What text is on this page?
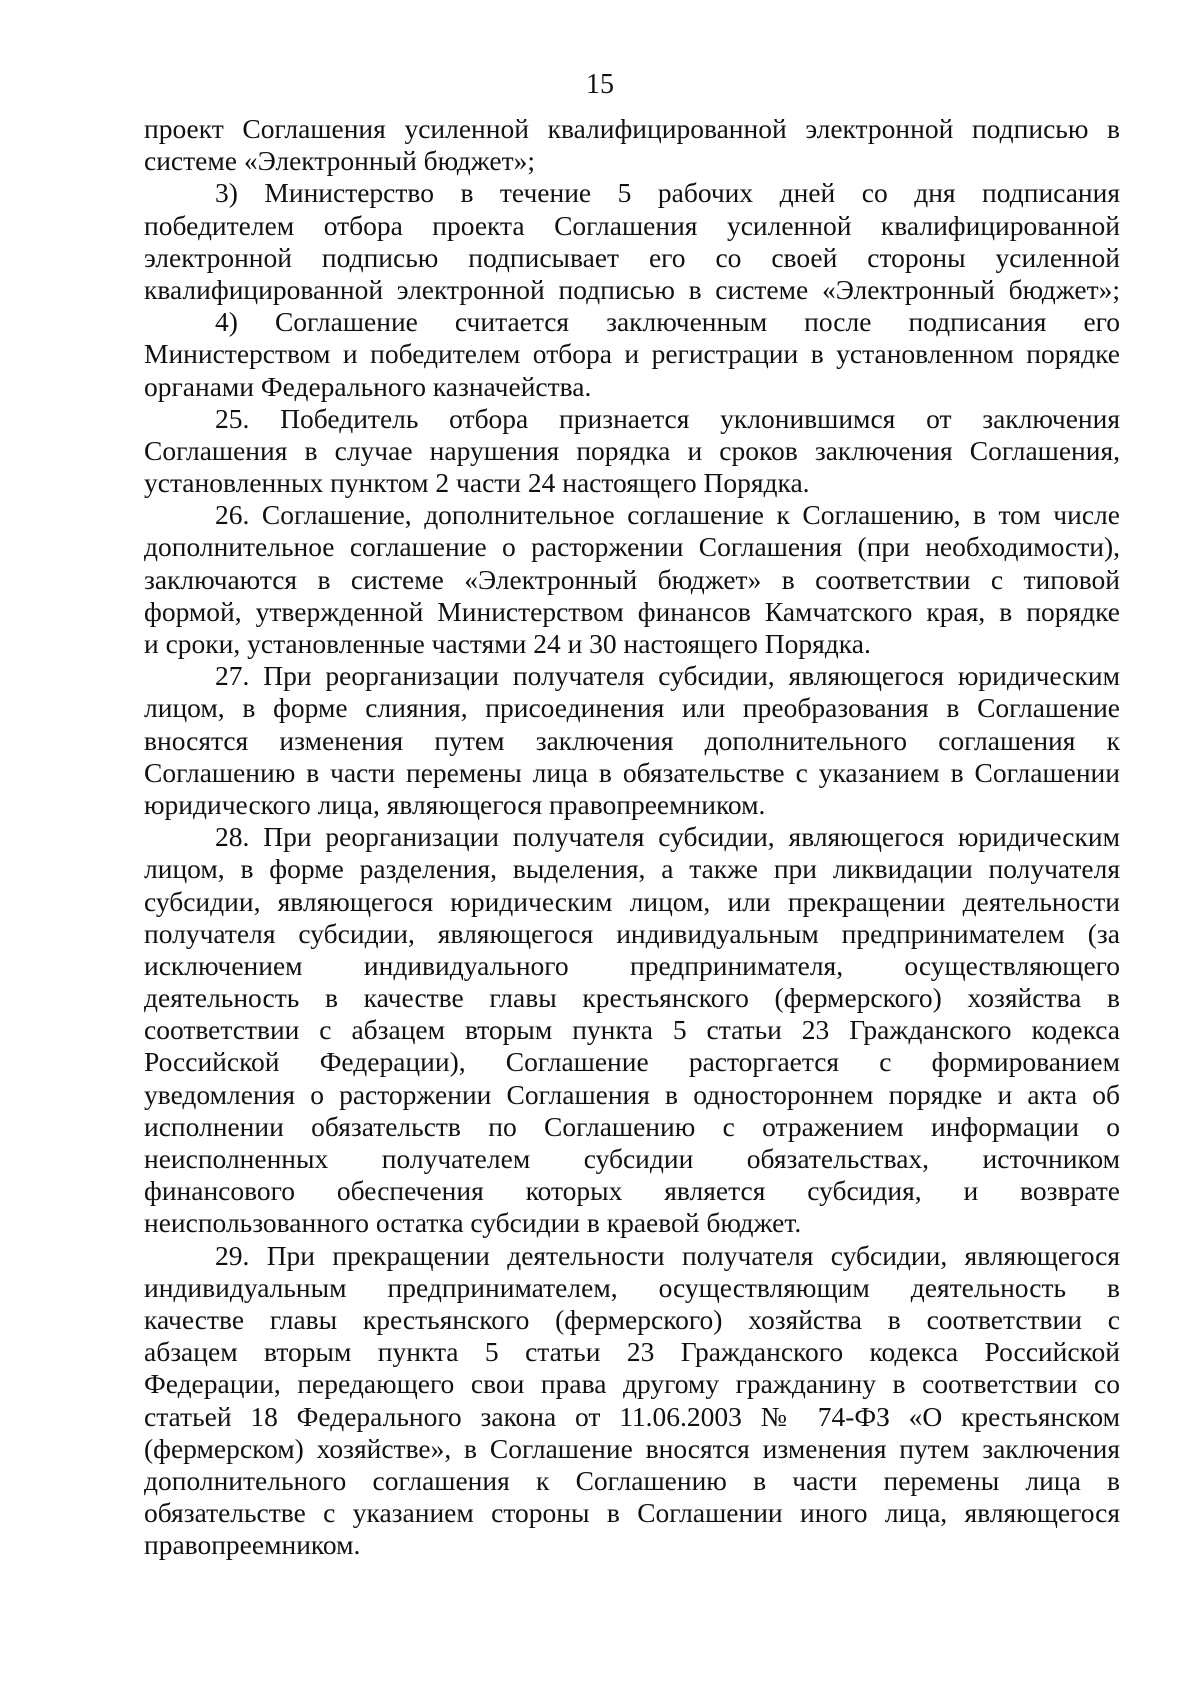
15
проект Соглашения усиленной квалифицированной электронной подписью в
системе «Электронный бюджет»;
3) Министерство в течение 5 рабочих дней со дня подписания
победителем отбора проекта Соглашения усиленной квалифицированной
электронной подписью подписывает его со своей стороны усиленной
квалифицированной электронной подписью в системе «Электронный бюджет»;
4) Соглашение считается заключенным после подписания его
Министерством и победителем отбора и регистрации в установленном порядке
органами Федерального казначейства.
25. Победитель отбора признается уклонившимся от заключения
Соглашения в случае нарушения порядка и сроков заключения Соглашения,
установленных пунктом 2 части 24 настоящего Порядка.
26. Соглашение, дополнительное соглашение к Соглашению, в том числе
дополнительное соглашение о расторжении Соглашения (при необходимости),
заключаются в системе «Электронный бюджет» в соответствии с типовой
формой, утвержденной Министерством финансов Камчатского края, в порядке
и сроки, установленные частями 24 и 30 настоящего Порядка.
27. При реорганизации получателя субсидии, являющегося юридическим
лицом, в форме слияния, присоединения или преобразования в Соглашение
вносятся изменения путем заключения дополнительного соглашения к
Соглашению в части перемены лица в обязательстве с указанием в Соглашении
юридического лица, являющегося правопреемником.
28. При реорганизации получателя субсидии, являющегося юридическим
лицом, в форме разделения, выделения, а также при ликвидации получателя
субсидии, являющегося юридическим лицом, или прекращении деятельности
получателя субсидии, являющегося индивидуальным предпринимателем (за
исключением индивидуального предпринимателя, осуществляющего
деятельность в качестве главы крестьянского (фермерского) хозяйства в
соответствии с абзацем вторым пункта 5 статьи 23 Гражданского кодекса
Российской Федерации), Соглашение расторгается с формированием
уведомления о расторжении Соглашения в одностороннем порядке и акта об
исполнении обязательств по Соглашению с отражением информации о
неисполненных получателем субсидии обязательствах, источником
финансового обеспечения которых является субсидия, и возврате
неиспользованного остатка субсидии в краевой бюджет.
29. При прекращении деятельности получателя субсидии, являющегося
индивидуальным предпринимателем, осуществляющим деятельность в
качестве главы крестьянского (фермерского) хозяйства в соответствии с
абзацем вторым пункта 5 статьи 23 Гражданского кодекса Российской
Федерации, передающего свои права другому гражданину в соответствии со
статьей 18 Федерального закона от 11.06.2003 № 74-ФЗ «О крестьянском
(фермерском) хозяйстве», в Соглашение вносятся изменения путем заключения
дополнительного соглашения к Соглашению в части перемены лица в
обязательстве с указанием стороны в Соглашении иного лица, являющегося
правопреемником.
